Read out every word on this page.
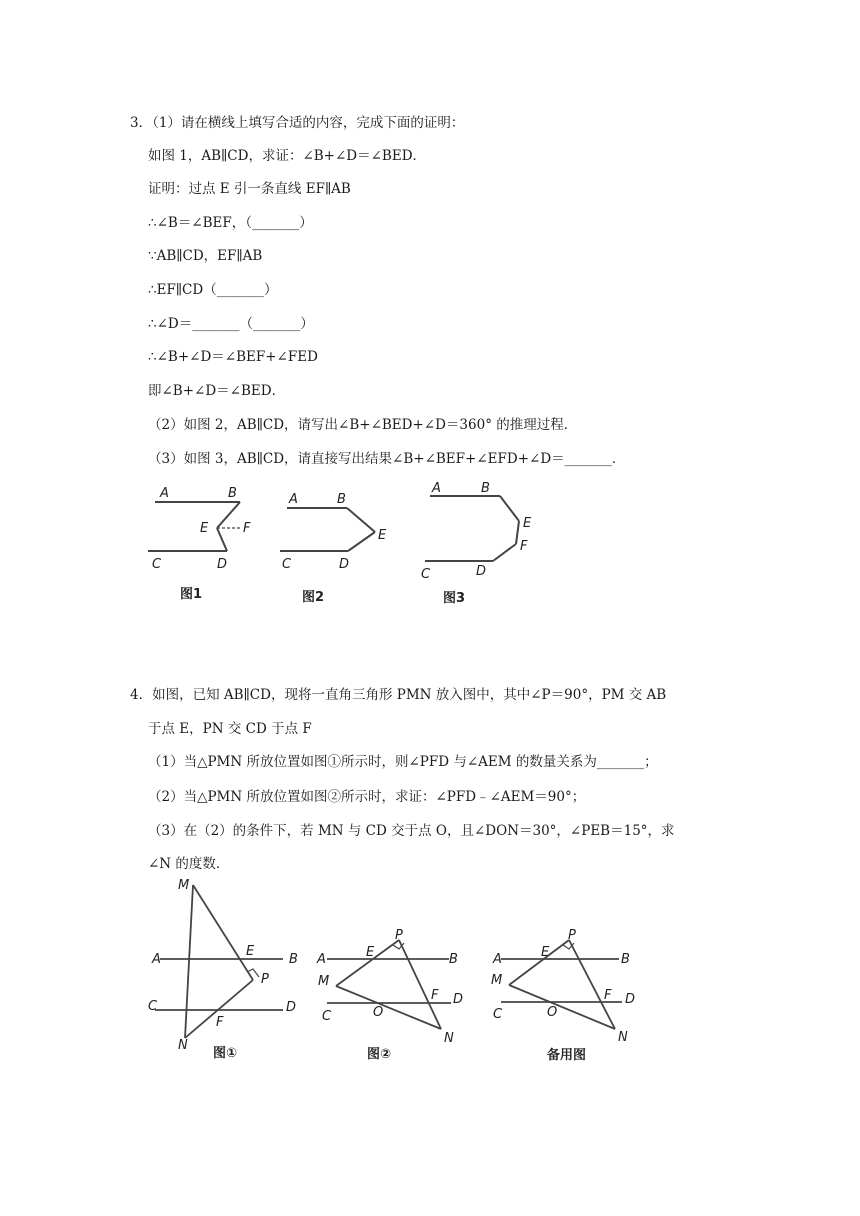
3．（1）请在横线上填写合适的内容，完成下面的证明：
如图 1，AB∥CD，求证：∠B+∠D＝∠BED．
证明：过点 E 引一条直线 EF∥AB
∴∠B＝∠BEF，（_______）
∵AB∥CD，EF∥AB
∴EF∥CD（_______）
∴∠D＝_______（_______）
∴∠B+∠D＝∠BEF+∠FED
即∠B+∠D＝∠BED．
（2）如图 2，AB∥CD，请写出∠B+∠BED+∠D＝360° 的推理过程．
（3）如图 3，AB∥CD，请直接写出结果∠B+∠BEF+∠EFD+∠D＝_______．
A	B
E	F
C	D
图1
A	B
E
C	D
图2
A	B
E
F
C	D
图3
4．如图，已知 AB∥CD，现将一直角三角形 PMN 放入图中，其中∠P＝90°，PM 交 AB
于点 E，PN 交 CD 于点 F
（1）当△PMN 所放位置如图①所示时，则∠PFD 与∠AEM 的数量关系为_______；
（2）当△PMN 所放位置如图②所示时，求证：∠PFD﹣∠AEM＝90°；
（3）在（2）的条件下，若 MN 与 CD 交于点 O，且∠DON＝30°，∠PEB＝15°，求
∠N 的度数．
M
A
E
B
P
C	D
F
N
图①
P
A	E	B
M
F D
C	O
N
图②
P
A	E	B
M
F D
C	O
N
备用图
